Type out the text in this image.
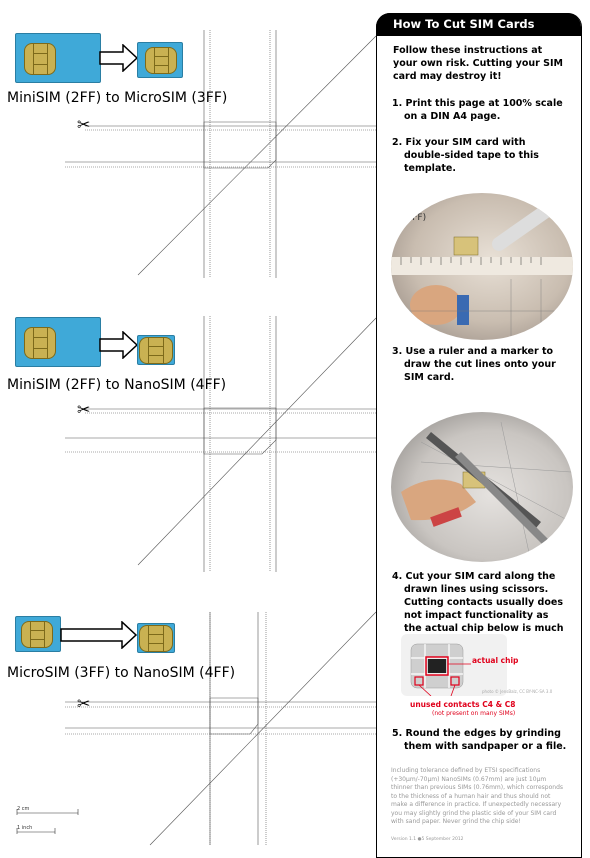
MiniSIM (2FF) to MicroSIM (3FF)
✂
MiniSIM (2FF) to NanoSIM (4FF)
✂
MicroSIM (3FF) to NanoSIM (4FF)
✂
2 cm
1 inch
How To Cut SIM Cards
Follow these instructions at your own risk. Cutting your SIM card may destroy it!
1. Print this page at 100% scale on a DIN A4 page.
2. Fix your SIM card with double-sided tape to this template.
(4FF)
3. Use a ruler and a marker to draw the cut lines onto your SIM card.
4. Cut your SIM card along the drawn lines using scissors. Cutting contacts usually does not impact functionality as the actual chip below is much
actual chip
photo © JensBalz, CC BY-NC-SA 3.0
unused contacts C4 & C8
(not present on many SIMs)
5. Round the edges by grinding them with sandpaper or a file.
Including tolerance defined by ETSI specifications (+30µm/-70µm) NanoSIMs (0.67mm) are just 10µm thinner than previous SIMs (0.76mm), which corresponds to the thickness of a human hair and thus should not make a difference in practice. If unexpectedly necessary you may slightly grind the plastic side of your SIM card with sand paper. Never grind the chip side!
Version 1.1 ●5 September 2012
